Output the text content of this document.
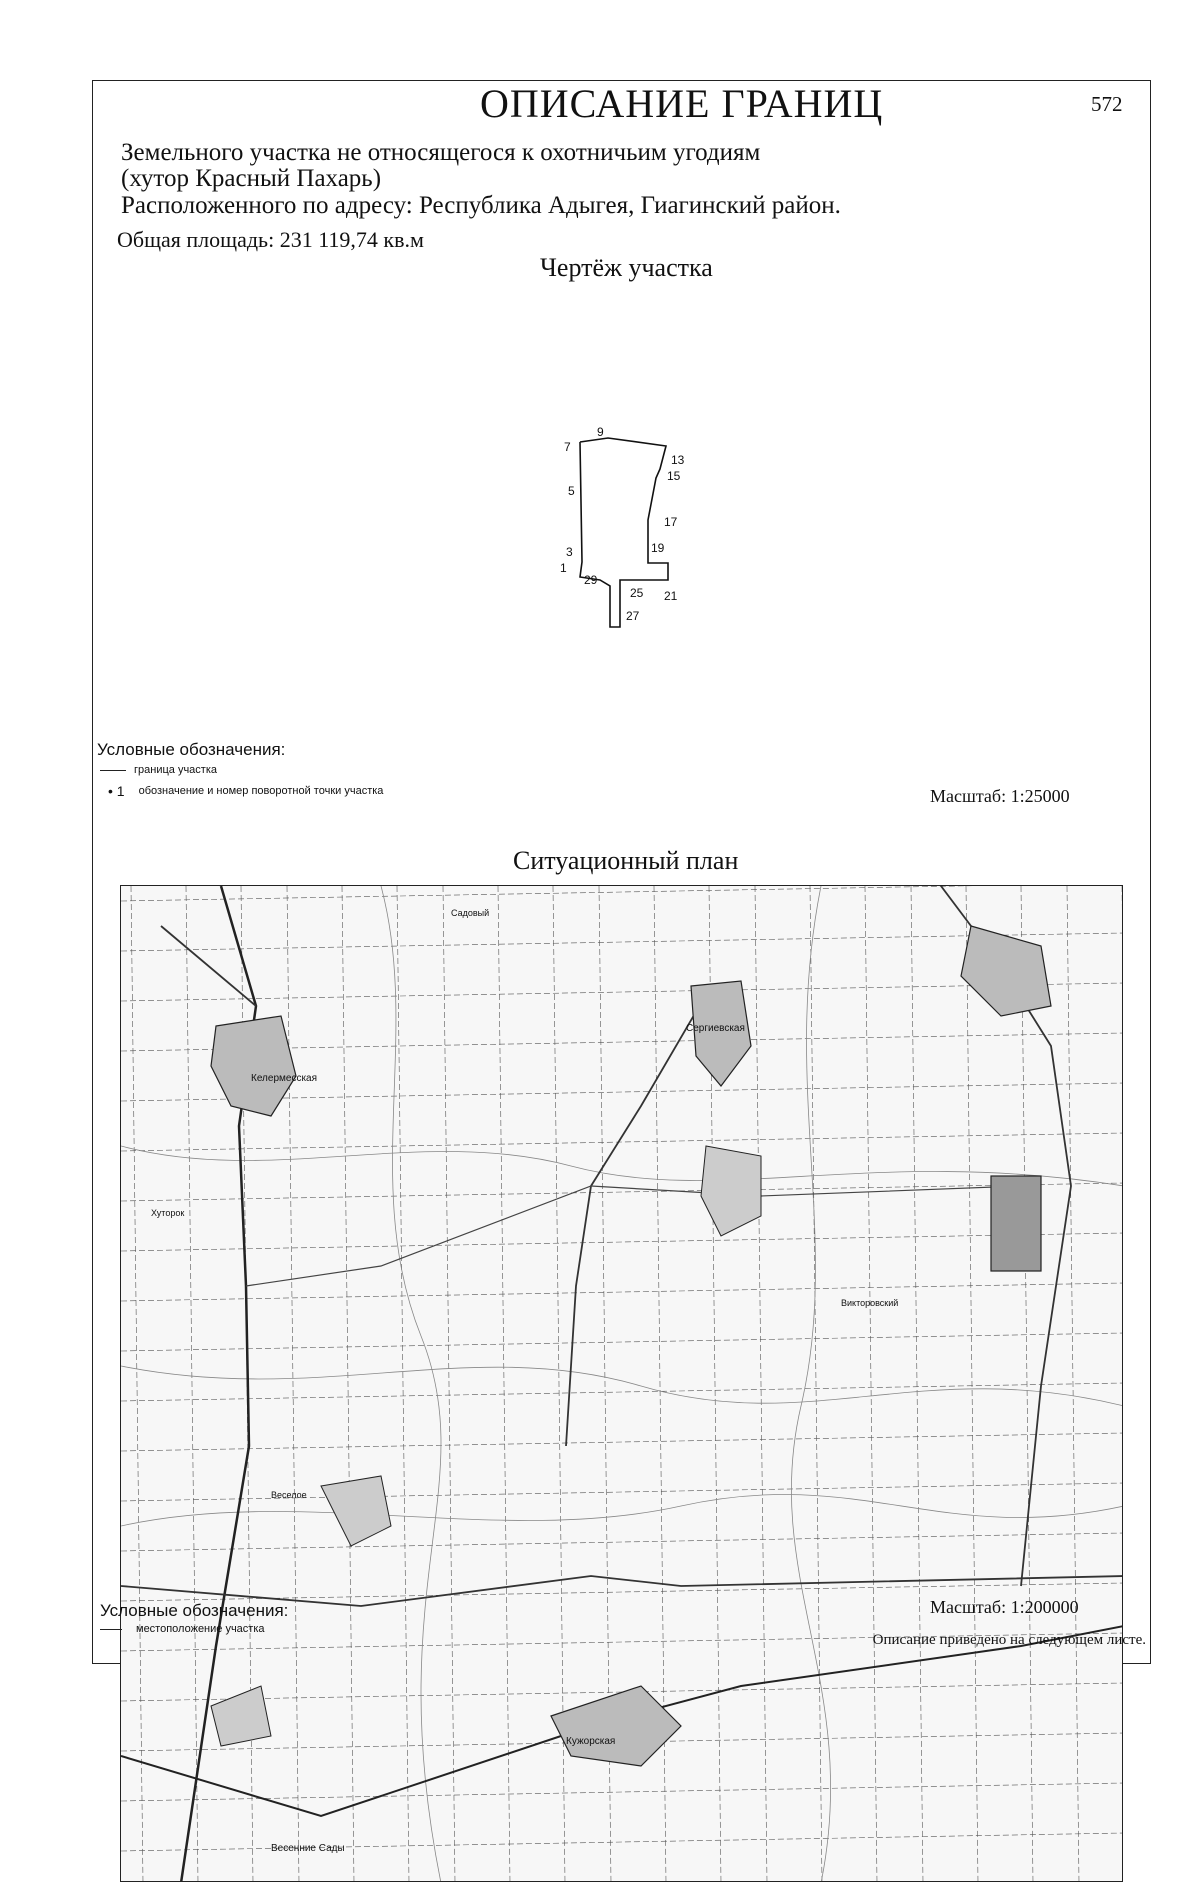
ОПИСАНИЕ ГРАНИЦ	572
Земельного участка не относящегося к охотничьим угодиям
(хутор Красный Пахарь)
Расположенного по адресу: Республика Адыгея, Гиагинский район.
Общая площадь: 231 119,74 кв.м
Чертёж участка
9
7
13
15
5
17
19
3
1
29
25 21
27
Условные обозначения:
граница участка
• 1 обозначение и номер поворотной точки участка	Масштаб: 1:25000
Ситуационный план
Садовый
Сергиевская
Келермесская
Кужорская
Веселое
Хуторок
Викторовский
Весенние Сады
Условные обозначения:
местоположение участка
Масштаб: 1:200000
Описание приведено на следующем листе.
